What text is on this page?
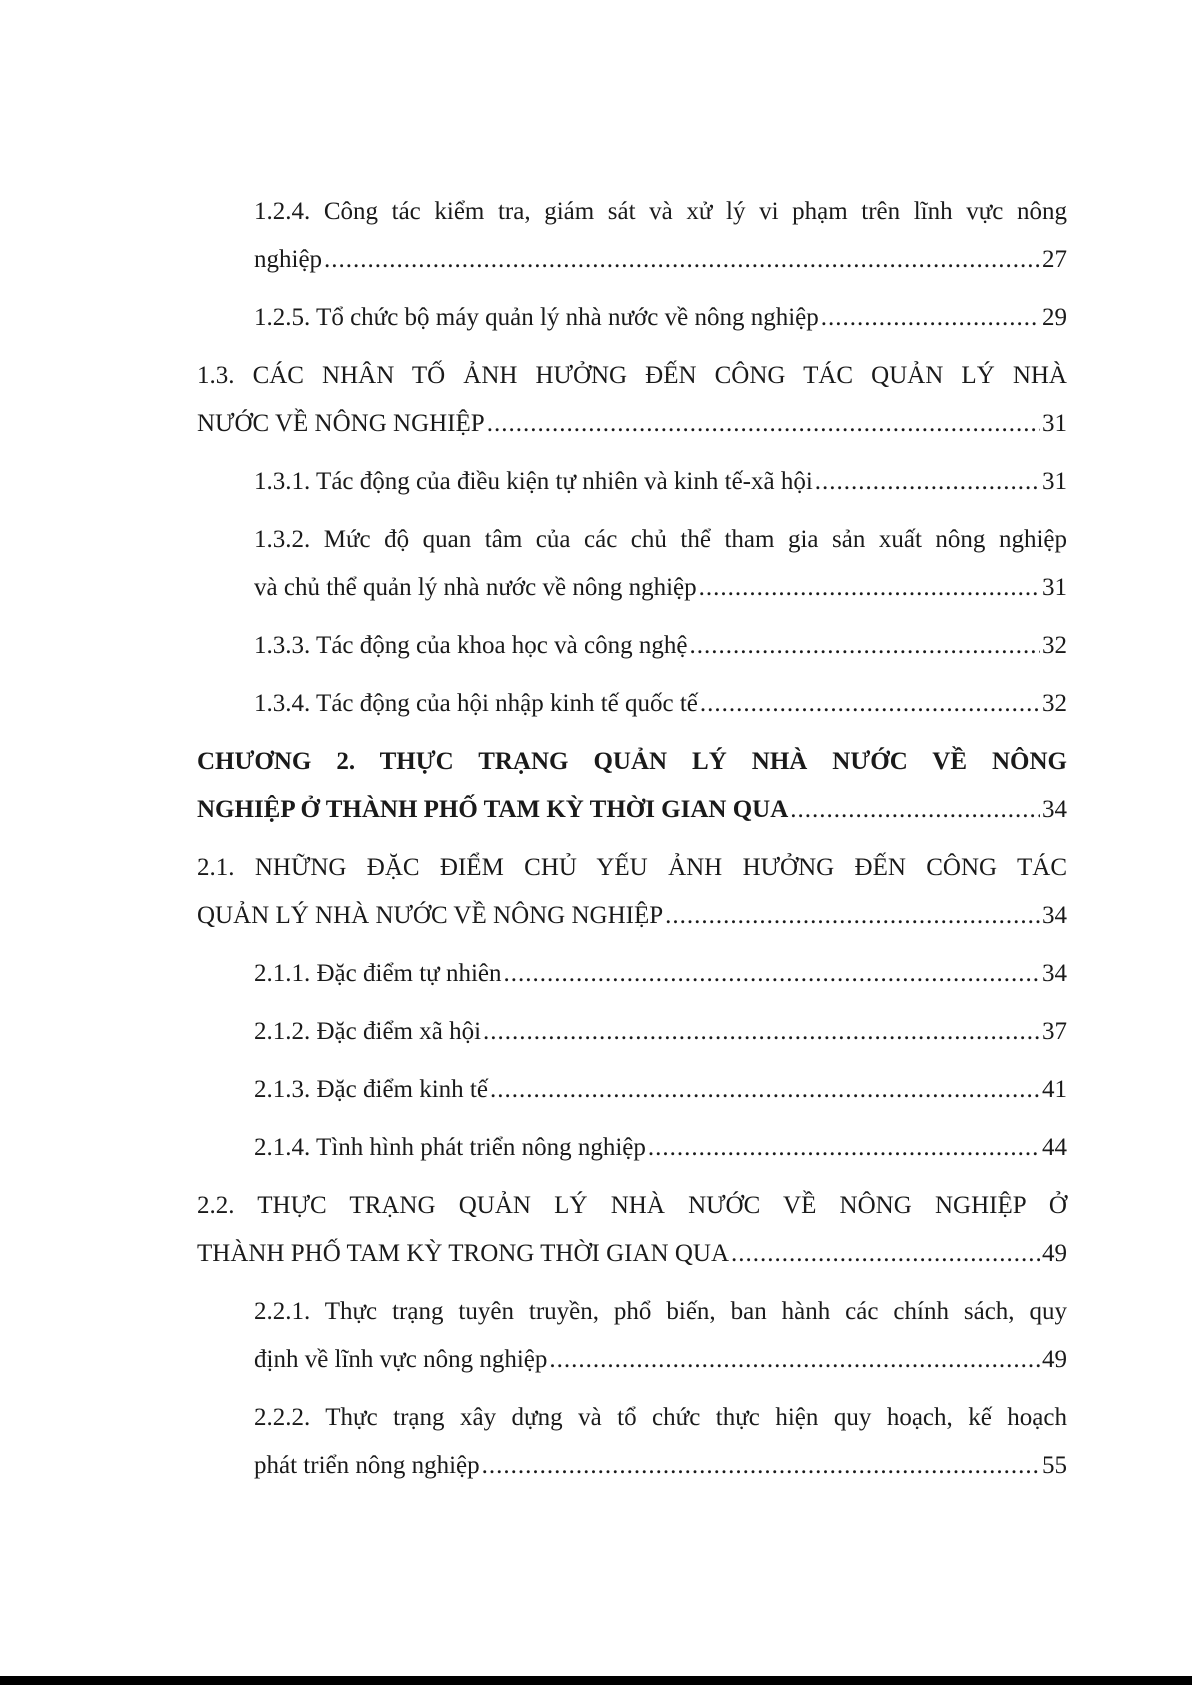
1.2.4. Công tác kiểm tra, giám sát và xử lý vi phạm trên lĩnh vực nông
nghiệp .....	27
1.2.5. Tổ chức bộ máy quản lý nhà nước về nông nghiệp .....	29
1.3. CÁC NHÂN TỐ ẢNH HƯỞNG ĐẾN CÔNG TÁC QUẢN LÝ NHÀ
NƯỚC VỀ NÔNG NGHIỆP .....	31
1.3.1. Tác động của điều kiện tự nhiên và kinh tế-xã hội .....	31
1.3.2. Mức độ quan tâm của các chủ thể tham gia sản xuất nông nghiệp
và chủ thể quản lý nhà nước về nông nghiệp .....	31
1.3.3. Tác động của khoa học và công nghệ .....	32
1.3.4. Tác động của hội nhập kinh tế quốc tế .....	32
CHƯƠNG 2. THỰC TRẠNG QUẢN LÝ NHÀ NƯỚC VỀ NÔNG
NGHIỆP Ở THÀNH PHỐ TAM KỲ THỜI GIAN QUA .....	34
2.1. NHỮNG ĐẶC ĐIỂM CHỦ YẾU ẢNH HƯỞNG ĐẾN CÔNG TÁC
QUẢN LÝ NHÀ NƯỚC VỀ NÔNG NGHIỆP .....	34
2.1.1. Đặc điểm tự nhiên .....	34
2.1.2. Đặc điểm xã hội .....	37
2.1.3. Đặc điểm kinh tế .....	41
2.1.4. Tình hình phát triển nông nghiệp .....	44
2.2. THỰC TRẠNG QUẢN LÝ NHÀ NƯỚC VỀ NÔNG NGHIỆP Ở
THÀNH PHỐ TAM KỲ TRONG THỜI GIAN QUA .....	49
2.2.1. Thực trạng tuyên truyền, phổ biến, ban hành các chính sách, quy
định về lĩnh vực nông nghiệp .....	49
2.2.2. Thực trạng xây dựng và tổ chức thực hiện quy hoạch, kế hoạch
phát triển nông nghiệp .....	55
